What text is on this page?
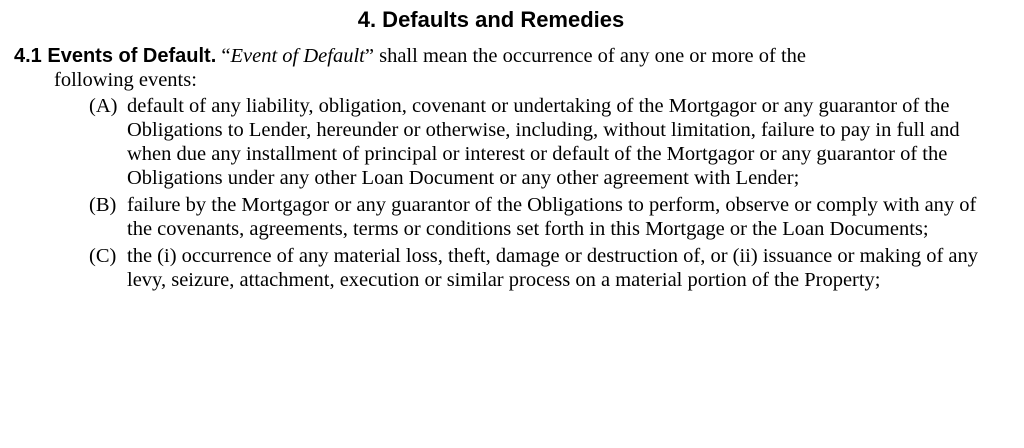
4. Defaults and Remedies
4.1 Events of Default. “Event of Default” shall mean the occurrence of any one or more of the
following events:
(A) default of any liability, obligation, covenant or undertaking of the Mortgagor or any guarantor of the Obligations to Lender, hereunder or otherwise, including, without limitation, failure to pay in full and when due any installment of principal or interest or default of the Mortgagor or any guarantor of the Obligations under any other Loan Document or any other agreement with Lender;
(B) failure by the Mortgagor or any guarantor of the Obligations to perform, observe or comply with any of the covenants, agreements, terms or conditions set forth in this Mortgage or the Loan Documents;
(C) the (i) occurrence of any material loss, theft, damage or destruction of, or (ii) issuance or making of any levy, seizure, attachment, execution or similar process on a material portion of the Property;
